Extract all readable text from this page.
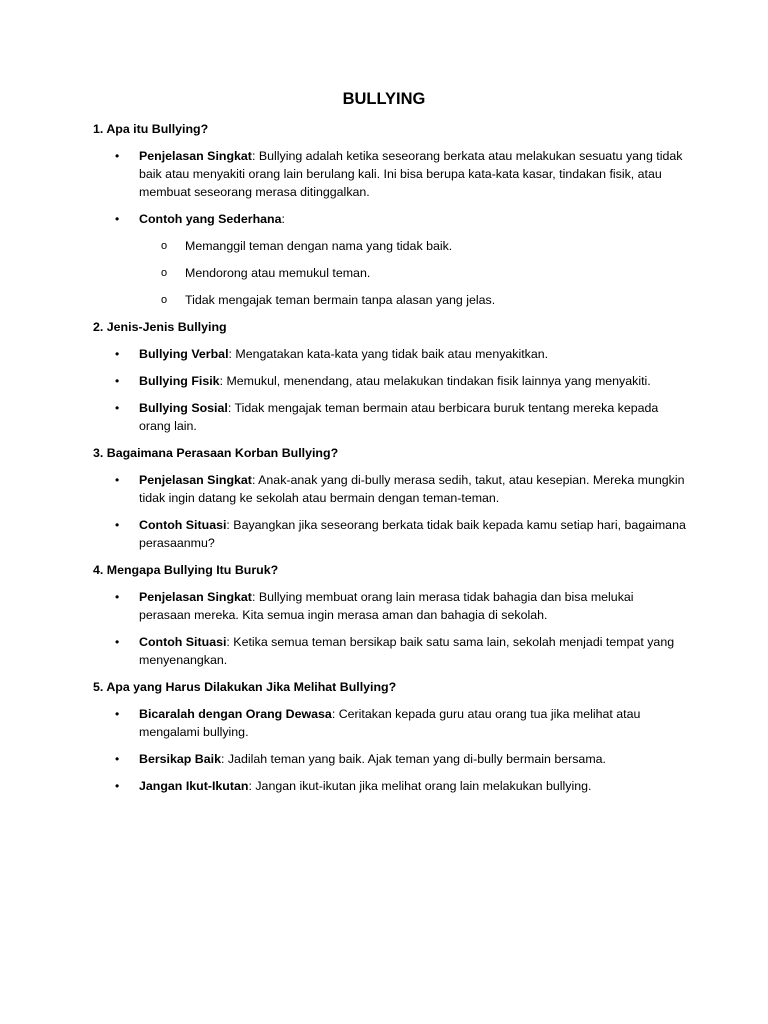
BULLYING

1. Apa itu Bullying?

• Penjelasan Singkat: Bullying adalah ketika seseorang berkata atau melakukan sesuatu yang tidak baik atau menyakiti orang lain berulang kali. Ini bisa berupa kata-kata kasar, tindakan fisik, atau membuat seseorang merasa ditinggalkan.
• Contoh yang Sederhana:
o Memanggil teman dengan nama yang tidak baik.
o Mendorong atau memukul teman.
o Tidak mengajak teman bermain tanpa alasan yang jelas.

2. Jenis-Jenis Bullying

• Bullying Verbal: Mengatakan kata-kata yang tidak baik atau menyakitkan.
• Bullying Fisik: Memukul, menendang, atau melakukan tindakan fisik lainnya yang menyakiti.
• Bullying Sosial: Tidak mengajak teman bermain atau berbicara buruk tentang mereka kepada orang lain.

3. Bagaimana Perasaan Korban Bullying?

• Penjelasan Singkat: Anak-anak yang di-bully merasa sedih, takut, atau kesepian. Mereka mungkin tidak ingin datang ke sekolah atau bermain dengan teman-teman.
• Contoh Situasi: Bayangkan jika seseorang berkata tidak baik kepada kamu setiap hari, bagaimana perasaanmu?

4. Mengapa Bullying Itu Buruk?

• Penjelasan Singkat: Bullying membuat orang lain merasa tidak bahagia dan bisa melukai perasaan mereka. Kita semua ingin merasa aman dan bahagia di sekolah.
• Contoh Situasi: Ketika semua teman bersikap baik satu sama lain, sekolah menjadi tempat yang menyenangkan.

5. Apa yang Harus Dilakukan Jika Melihat Bullying?

• Bicaralah dengan Orang Dewasa: Ceritakan kepada guru atau orang tua jika melihat atau mengalami bullying.
• Bersikap Baik: Jadilah teman yang baik. Ajak teman yang di-bully bermain bersama.
• Jangan Ikut-Ikutan: Jangan ikut-ikutan jika melihat orang lain melakukan bullying.
